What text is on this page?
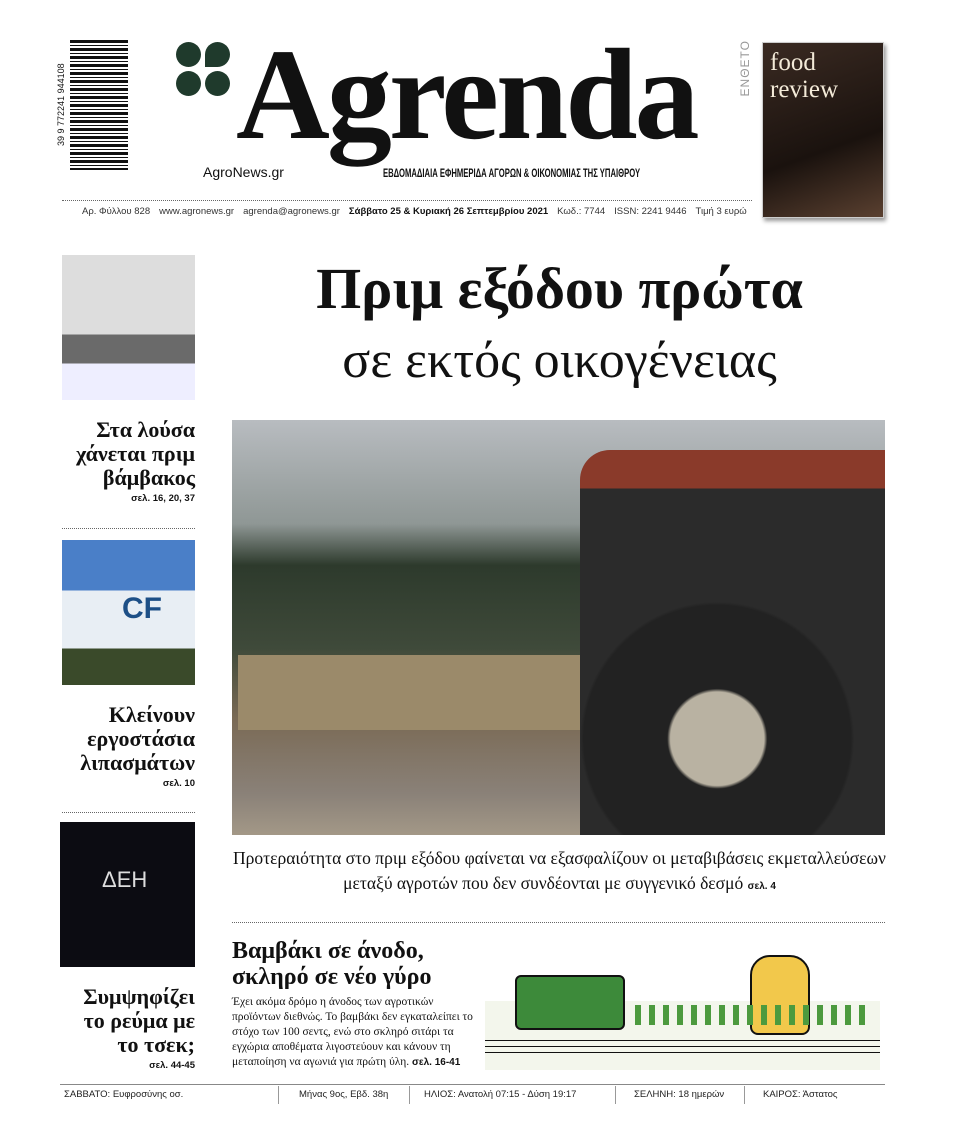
39 9 772241 944108 Agrenda
AgroNews.gr	ΕΒΔΟΜΑΔΙΑΙΑ ΕΦΗΜΕΡΙΔΑ ΑΓΟΡΩΝ & ΟΙΚΟΝΟΜΙΑΣ ΤΗΣ ΥΠΑΙΘΡΟΥ
ΕΝΘΕΤΟ food
review
Αρ. Φύλλου 828 www.agronews.gr agrenda@agronews.gr Σάββατο 25 & Κυριακή 26 Σεπτεμβρίου 2021 Κωδ.: 7744 ISSN: 2241 9446 Τιμή 3 ευρώ
Πριμ εξόδου πρώτα
σε εκτός οικογένειας
Προτεραιότητα στο πριμ εξόδου φαίνεται να εξασφαλίζουν οι μεταβιβάσεις εκμεταλλεύσεων μεταξύ αγροτών που δεν συνδέονται με συγγενικό δεσμό σελ. 4
Στα λούσα χάνεται πριμ βάμβακος
σελ. 16, 20, 37
CF
Κλείνουν εργοστάσια λιπασμάτων
σελ. 10
ΔΕΗ
Συμψηφίζει το ρεύμα με το τσεκ;
σελ. 44-45
Βαμβάκι σε άνοδο, σκληρό σε νέο γύρο
Έχει ακόμα δρόμο η άνοδος των αγροτικών προϊόντων διεθνώς. Το βαμβάκι δεν εγκαταλείπει το στόχο των 100 σεντς, ενώ στο σκληρό σιτάρι τα εγχώρια αποθέματα λιγοστεύουν και κάνουν τη μεταποίηση να αγωνιά για πρώτη ύλη. σελ. 16-41
ΣΑΒΒΑΤΟ: Ευφροσύνης οσ.	Μήνας 9ος, Εβδ. 38η	ΗΛΙΟΣ: Ανατολή 07:15 - Δύση 19:17	ΣΕΛΗΝΗ: 18 ημερών	ΚΑΙΡΟΣ: Άστατος
